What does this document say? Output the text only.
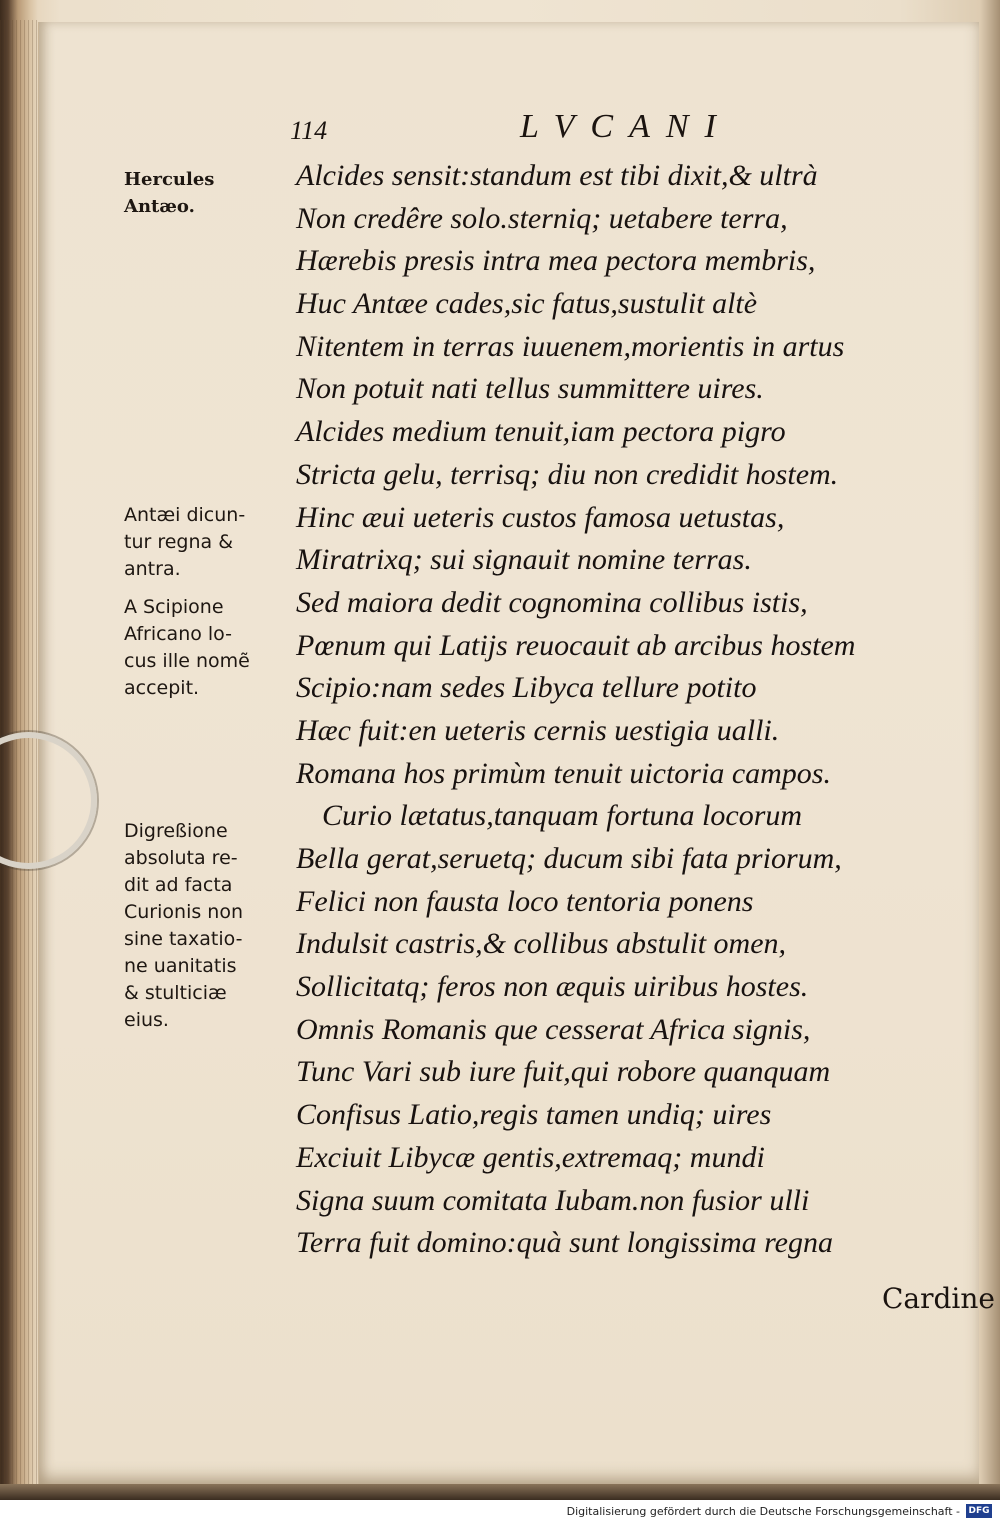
114	LVCANI
Alcides sensit:standum est tibi dixit,& ultrà
Non credêre solo.sterniq; uetabere terra,
Hærebis presis intra mea pectora membris,
Huc Antæe cades,sic fatus,sustulit altè
Nitentem in terras iuuenem,morientis in artus
Non potuit nati tellus summittere uires.
Alcides medium tenuit,iam pectora pigro
Stricta gelu, terrisq; diu non credidit hostem.
Hinc æui ueteris custos famosa uetustas,
Miratrixq; sui signauit nomine terras.
Sed maiora dedit cognomina collibus istis,
Pœnum qui Latijs reuocauit ab arcibus hostem
Scipio:nam sedes Libyca tellure potito
Hæc fuit:en ueteris cernis uestigia ualli.
Romana hos primùm tenuit uictoria campos.
Curio lætatus,tanquam fortuna locorum
Bella gerat,seruetq; ducum sibi fata priorum,
Felici non fausta loco tentoria ponens
Indulsit castris,& collibus abstulit omen,
Sollicitatq; feros non æquis uiribus hostes.
Omnis Romanis que cesserat Africa signis,
Tunc Vari sub iure fuit,qui robore quanquam
Confisus Latio,regis tamen undiq; uires
Exciuit Libycæ gentis,extremaq; mundi
Signa suum comitata Iubam.non fusior ulli
Terra fuit domino:quà sunt longissima regna
Hercules
Antæo.
Antæi dicun-
tur regna &
antra.
A Scipione
Africano lo-
cus ille nomẽ
accepit.
Digreßione
absoluta re-
dit ad facta
Curionis non
sine taxatio-
ne uanitatis
& stulticiæ
eius.
Cardine
Digitalisierung gefördert durch die Deutsche Forschungsgemeinschaft - DFG
